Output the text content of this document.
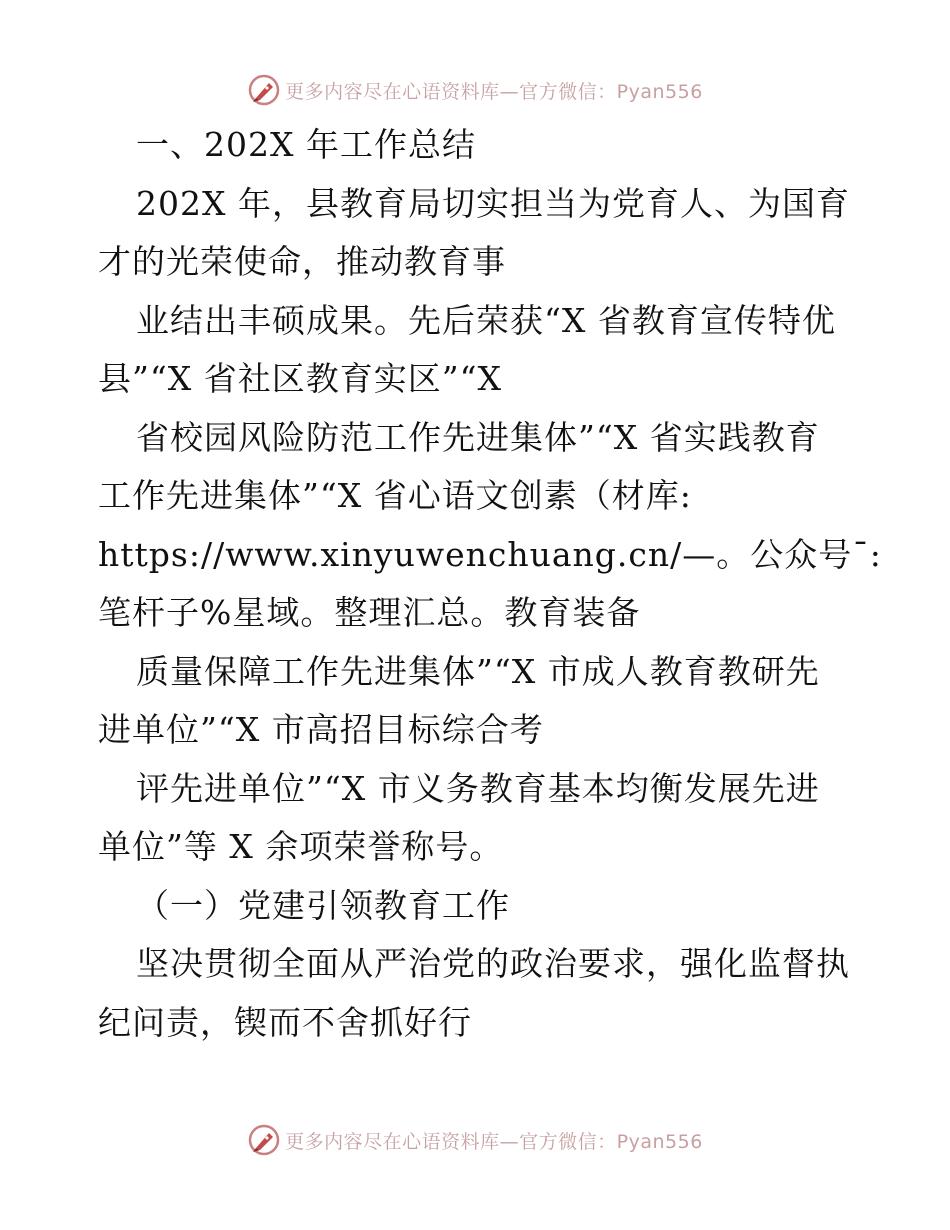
更多内容尽在心语资料库—官方微信：Pyan556
一、202X 年工作总结
202X 年，县教育局切实担当为党育人、为国育
才的光荣使命，推动教育事
业结出丰硕成果。先后荣获“X 省教育宣传特优
县”“X 省社区教育实区”“X
省校园风险防范工作先进集体”“X 省实践教育
工作先进集体”“X 省心语文创素（材库:
https://www.xinyuwenchuang.cn/—。公众号¯:
笔杆子%星域。整理汇总。教育装备
质量保障工作先进集体”“X 市成人教育教研先
进单位”“X 市高招目标综合考
评先进单位”“X 市义务教育基本均衡发展先进
单位”等 X 余项荣誉称号。
（一）党建引领教育工作
坚决贯彻全面从严治党的政治要求，强化监督执
纪问责，锲而不舍抓好行
更多内容尽在心语资料库—官方微信：Pyan556
